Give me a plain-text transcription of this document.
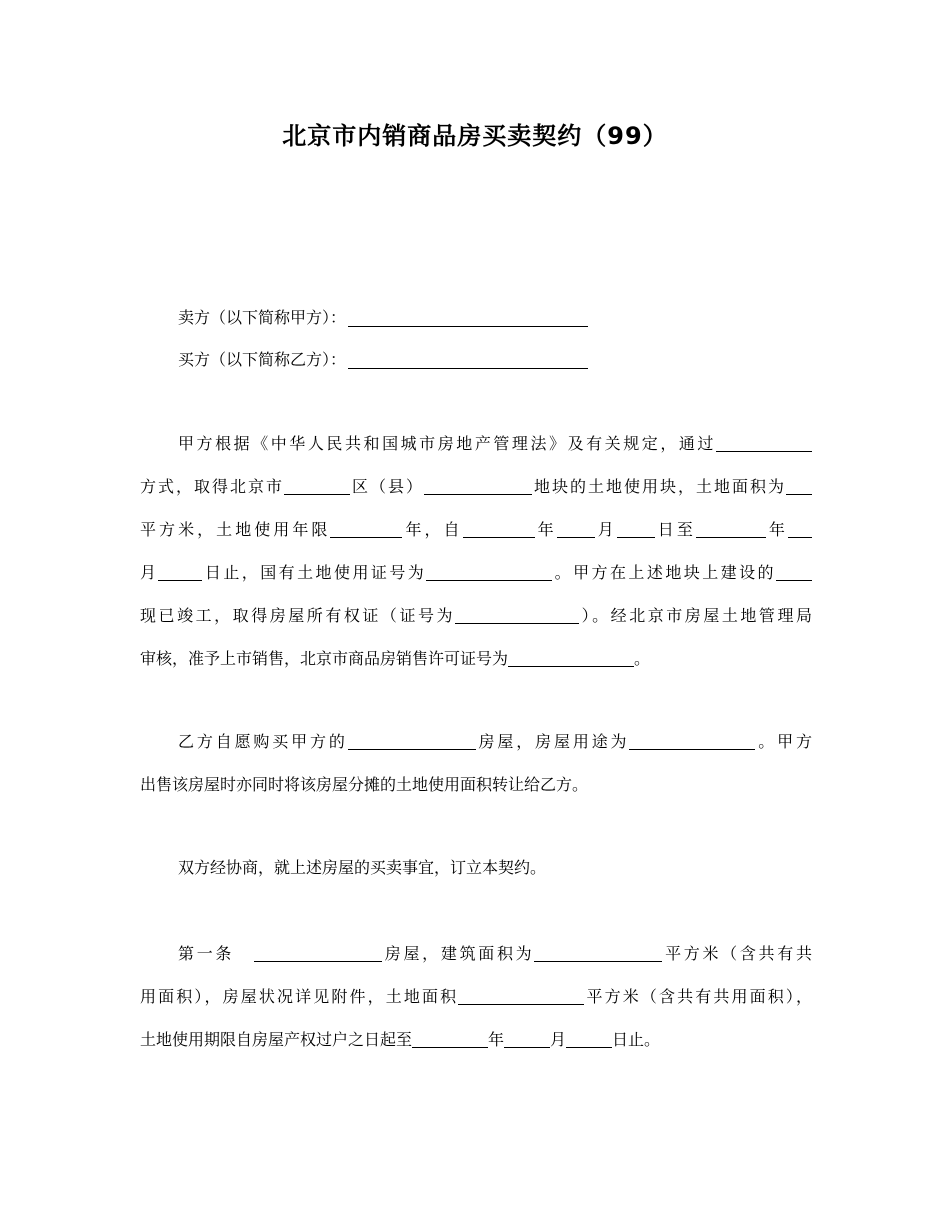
北京市内销商品房买卖契约（99）
卖方（以下简称甲方）：
买方（以下简称乙方）：
甲方根据《中华人民共和国城市房地产管理法》及有关规定，通过
方式，取得北京市	区（县）	地块的土地使用块，土地面积为
平方米，土地使用年限	年，自	年 月 日至	年
月	日止，国有土地使用证号为	。甲方在上述地块上建设的
现已竣工，取得房屋所有权证（证号为	）。经北京市房屋土地管理局
审核，准予上市销售，北京市商品房销售许可证号为	。
乙方自愿购买甲方的	房屋，房屋用途为	。甲方
出售该房屋时亦同时将该房屋分摊的土地使用面积转让给乙方。
双方经协商，就上述房屋的买卖事宜，订立本契约。
第一条	房屋，建筑面积为	平方米（含共有共
用面积），房屋状况详见附件，土地面积	平方米（含共有共用面积），
土地使用期限自房屋产权过户之日起至	年	月	日止。
